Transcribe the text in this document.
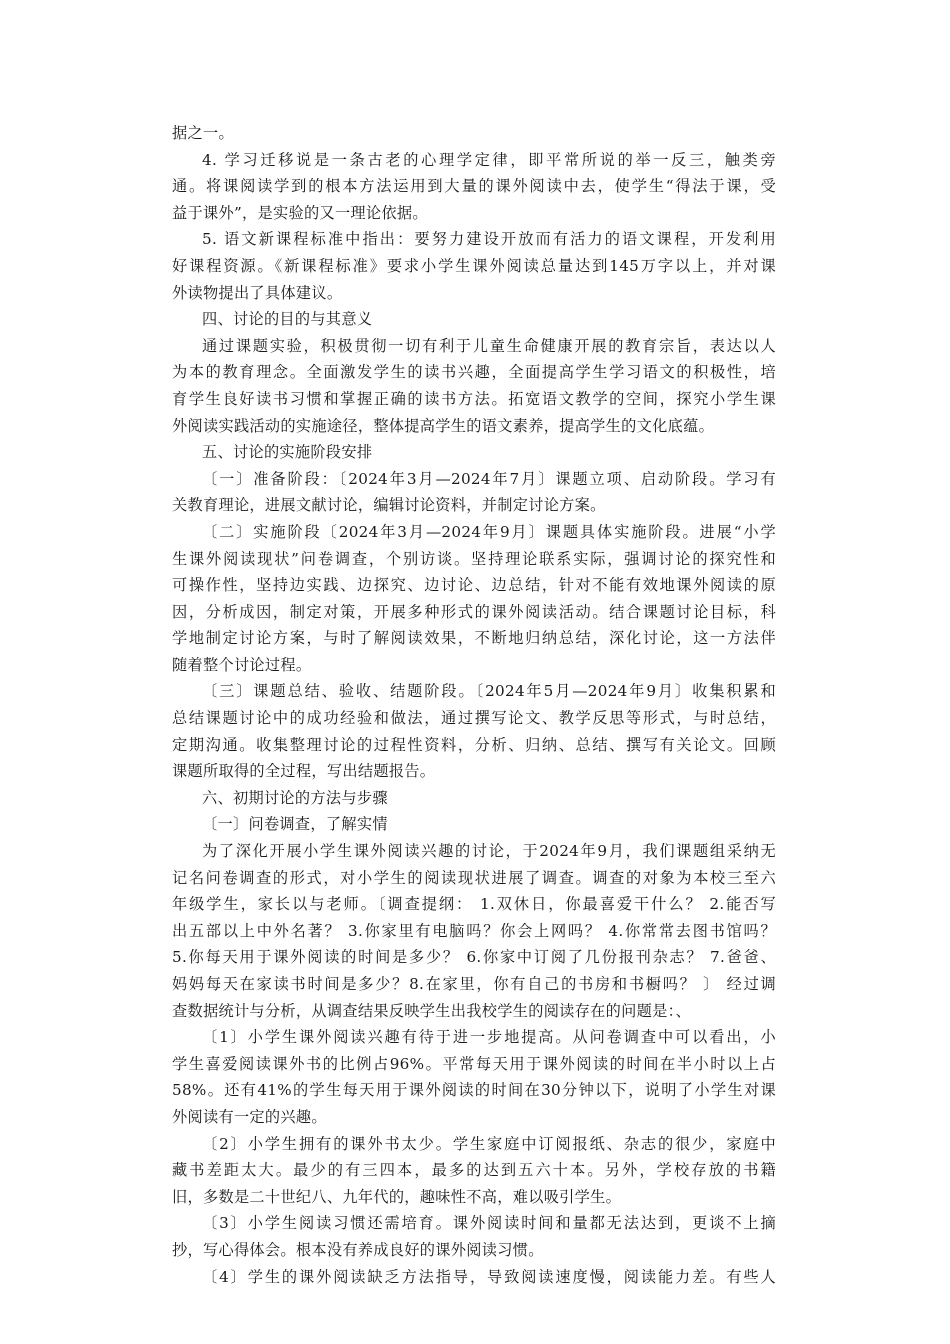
据之一。
4. 学习迁移说是一条古老的心理学定律，即平常所说的举一反三，触类旁
通。将课阅读学到的根本方法运用到大量的课外阅读中去，使学生“得法于课，受
益于课外”，是实验的又一理论依据。
5. 语文新课程标准中指出：要努力建设开放而有活力的语文课程，开发利用
好课程资源。《新课程标准》要求小学生课外阅读总量达到145万字以上，并对课
外读物提出了具体建议。
四、讨论的目的与其意义
通过课题实验，积极贯彻一切有利于儿童生命健康开展的教育宗旨，表达以人
为本的教育理念。全面激发学生的读书兴趣，全面提高学生学习语文的积极性，培
育学生良好读书习惯和掌握正确的读书方法。拓宽语文教学的空间，探究小学生课
外阅读实践活动的实施途径，整体提高学生的语文素养，提高学生的文化底蕴。
五、讨论的实施阶段安排
〔一〕准备阶段：〔2024年3月—2024年7月〕课题立项、启动阶段。学习有
关教育理论，进展文献讨论，编辑讨论资料，并制定讨论方案。
〔二〕实施阶段〔2024年3月—2024年9月〕课题具体实施阶段。进展“小学
生课外阅读现状”问卷调查，个别访谈。坚持理论联系实际，强调讨论的探究性和
可操作性，坚持边实践、边探究、边讨论、边总结，针对不能有效地课外阅读的原
因，分析成因，制定对策，开展多种形式的课外阅读活动。结合课题讨论目标，科
学地制定讨论方案，与时了解阅读效果，不断地归纳总结，深化讨论，这一方法伴
随着整个讨论过程。
〔三〕课题总结、验收、结题阶段。〔2024年5月—2024年9月〕收集积累和
总结课题讨论中的成功经验和做法，通过撰写论文、教学反思等形式，与时总结，
定期沟通。收集整理讨论的过程性资料，分析、归纳、总结、撰写有关论文。回顾
课题所取得的全过程，写出结题报告。
六、初期讨论的方法与步骤
〔一〕问卷调查，了解实情
为了深化开展小学生课外阅读兴趣的讨论，于2024年9月，我们课题组采纳无
记名问卷调查的形式，对小学生的阅读现状进展了调查。调查的对象为本校三至六
年级学生，家长以与老师。〔调查提纲： 1.双休日，你最喜爱干什么？ 2.能否写
出五部以上中外名著？ 3.你家里有电脑吗？你会上网吗？ 4.你常常去图书馆吗？
5.你每天用于课外阅读的时间是多少？ 6.你家中订阅了几份报刊杂志？ 7.爸爸、
妈妈每天在家读书时间是多少？8.在家里，你有自己的书房和书橱吗？ 〕 经过调
查数据统计与分析，从调查结果反映学生出我校学生的阅读存在的问题是：、
〔1〕小学生课外阅读兴趣有待于进一步地提高。从问卷调查中可以看出，小
学生喜爱阅读课外书的比例占96%。平常每天用于课外阅读的时间在半小时以上占
58%。还有41%的学生每天用于课外阅读的时间在30分钟以下，说明了小学生对课
外阅读有一定的兴趣。
〔2〕小学生拥有的课外书太少。学生家庭中订阅报纸、杂志的很少，家庭中
藏书差距太大。最少的有三四本，最多的达到五六十本。另外，学校存放的书籍
旧，多数是二十世纪八、九年代的，趣味性不高，难以吸引学生。
〔3〕小学生阅读习惯还需培育。课外阅读时间和量都无法达到，更谈不上摘
抄，写心得体会。根本没有养成良好的课外阅读习惯。
〔4〕学生的课外阅读缺乏方法指导，导致阅读速度慢，阅读能力差。有些人
